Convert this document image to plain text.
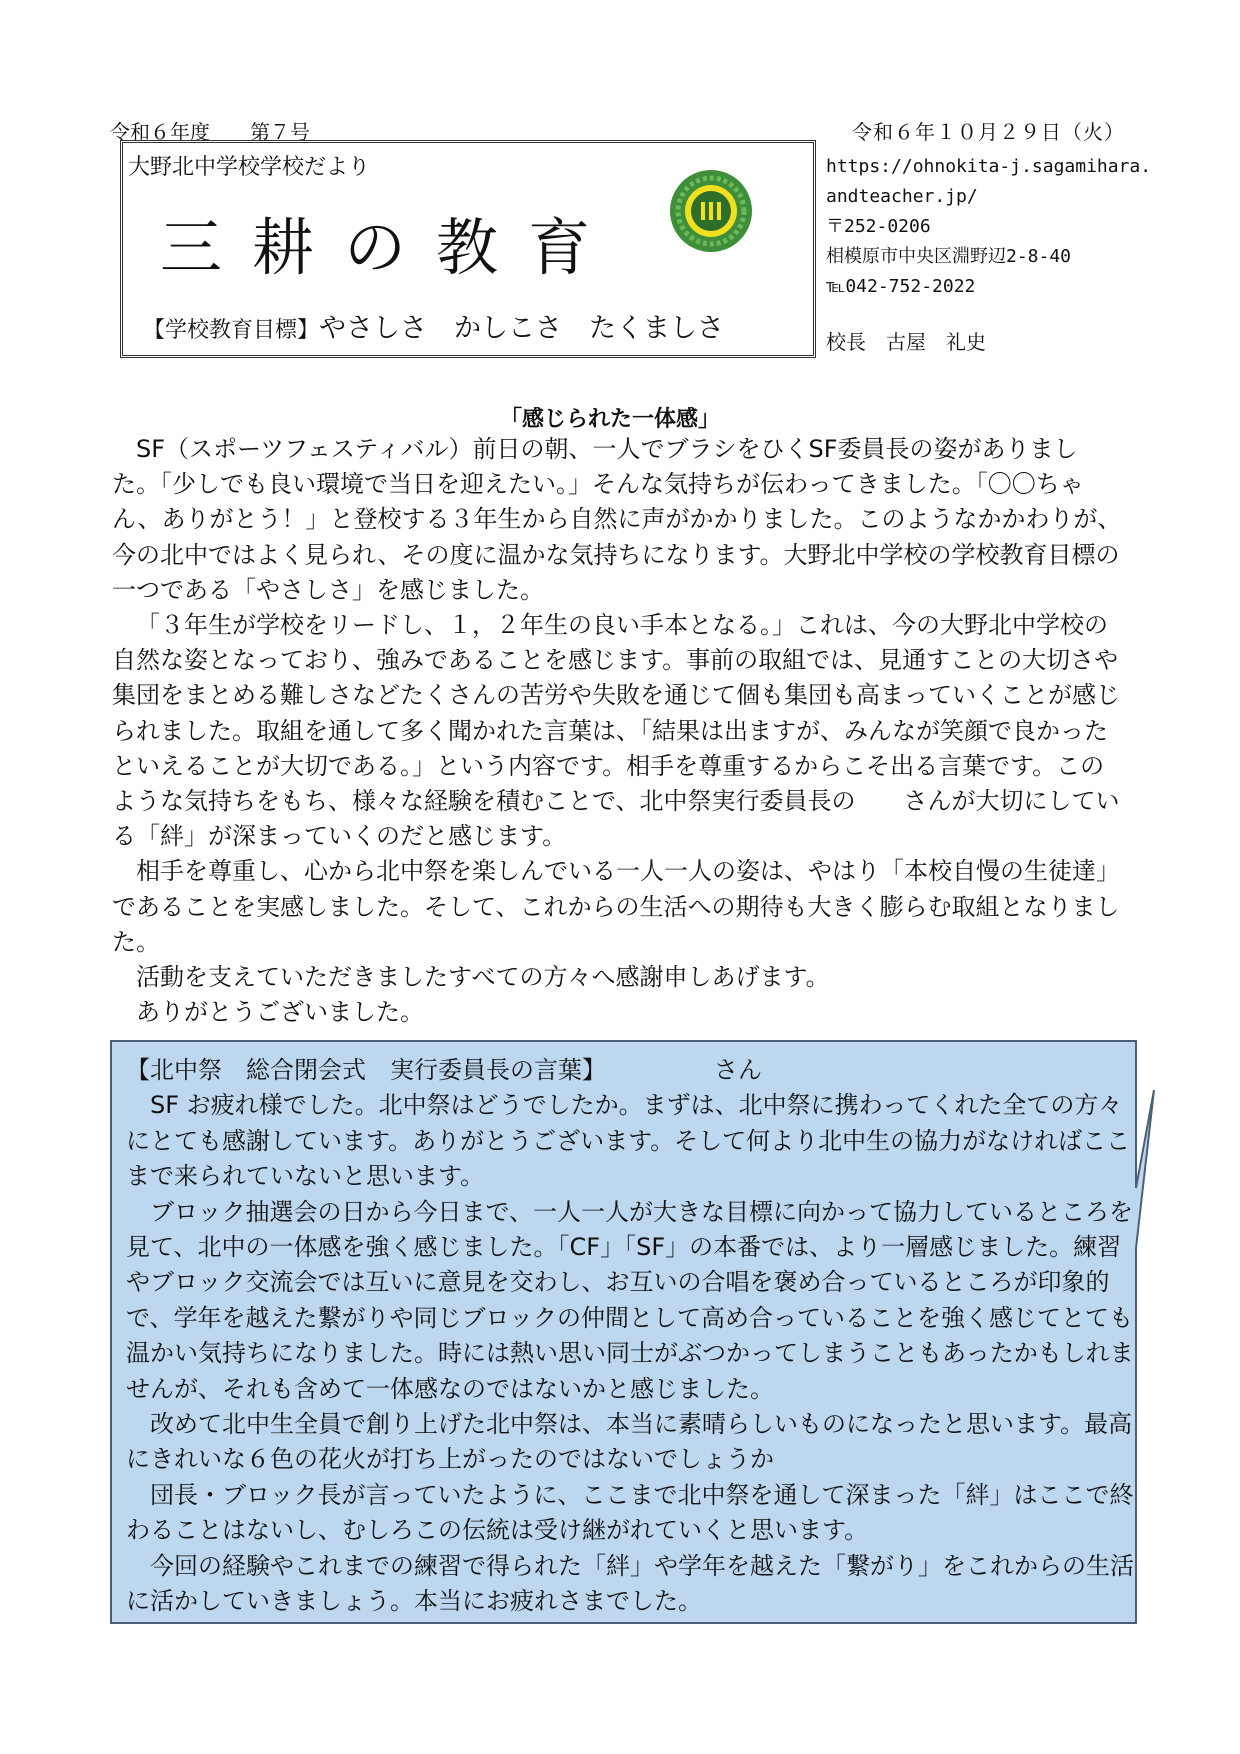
令和６年度　　第７号	令和６年１０月２９日（火）
大野北中学校学校だより
三耕の教育
【学校教育目標】やさしさ　かしこさ　たくましさ
https://ohnokita-j.sagamihara.
andteacher.jp/
〒252-0206
相模原市中央区淵野辺2-8-40
℡042-752-2022
校長　古屋　礼史
「感じられた一体感」

SF（スポーツフェスティバル）前日の朝、一人でブラシをひくSF委員長の姿がありました。「少しでも良い環境で当日を迎えたい。」そんな気持ちが伝わってきました。「〇〇ちゃん、ありがとう！」と登校する３年生から自然に声がかかりました。このようなかかわりが、今の北中ではよく見られ、その度に温かな気持ちになります。大野北中学校の学校教育目標の一つである「やさしさ」を感じました。

「３年生が学校をリードし、１，２年生の良い手本となる。」これは、今の大野北中学校の自然な姿となっており、強みであることを感じます。事前の取組では、見通すことの大切さや集団をまとめる難しさなどたくさんの苦労や失敗を通じて個も集団も高まっていくことが感じられました。取組を通して多く聞かれた言葉は、「結果は出ますが、みんなが笑顔で良かったといえることが大切である。」という内容です。相手を尊重するからこそ出る言葉です。このような気持ちをもち、様々な経験を積むことで、北中祭実行委員長の　　さんが大切にしている「絆」が深まっていくのだと感じます。

相手を尊重し、心から北中祭を楽しんでいる一人一人の姿は、やはり「本校自慢の生徒達」であることを実感しました。そして、これからの生活への期待も大きく膨らむ取組となりました。

活動を支えていただきましたすべての方々へ感謝申しあげます。

ありがとうございました。

【北中祭　総合閉会式　実行委員長の言葉】　　　　　さん

SF お疲れ様でした。北中祭はどうでしたか。まずは、北中祭に携わってくれた全ての方々にとても感謝しています。ありがとうございます。そして何より北中生の協力がなければここまで来られていないと思います。

ブロック抽選会の日から今日まで、一人一人が大きな目標に向かって協力しているところを見て、北中の一体感を強く感じました。「CF」「SF」の本番では、より一層感じました。練習やブロック交流会では互いに意見を交わし、お互いの合唱を褒め合っているところが印象的で、学年を越えた繋がりや同じブロックの仲間として高め合っていることを強く感じてとても温かい気持ちになりました。時には熱い思い同士がぶつかってしまうこともあったかもしれませんが、それも含めて一体感なのではないかと感じました。

改めて北中生全員で創り上げた北中祭は、本当に素晴らしいものになったと思います。最高にきれいな６色の花火が打ち上がったのではないでしょうか

団長・ブロック長が言っていたように、ここまで北中祭を通して深まった「絆」はここで終わることはないし、むしろこの伝統は受け継がれていくと思います。

今回の経験やこれまでの練習で得られた「絆」や学年を越えた「繋がり」をこれからの生活に活かしていきましょう。本当にお疲れさまでした。
